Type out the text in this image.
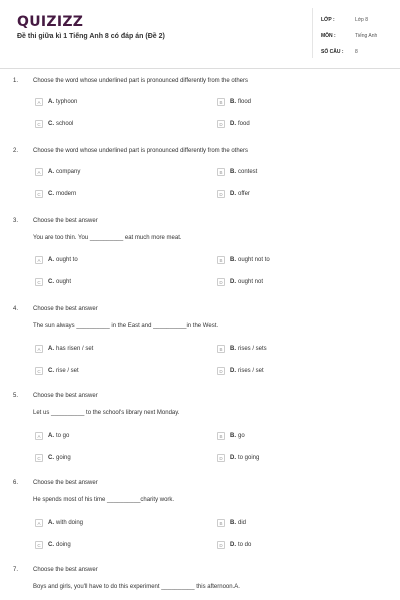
QUIZIZZ
Đề thi giữa kì 1 Tiếng Anh 8 có đáp án (Đề 2)
LỚP :	Lớp 8
MÔN :	Tiếng Anh
SỐ CÂU :	8
1. Choose the word whose underlined part is pronounced differently from the others
A	A. typhoon	B	B. flood
C	C. school	D	D. food
2. Choose the word whose underlined part is pronounced differently from the others
A	A. company	B	B. contest
C	C. modern	D	D. offer
3. Choose the best answer
You are too thin. You __________ eat much more meat.
A	A. ought to	B	B. ought not to
C	C. ought	D	D. ought not
4. Choose the best answer
The sun always __________ in the East and __________in the West.
A	A. has risen / set	B	B. rises / sets
C	C. rise / set	D	D. rises / set
5. Choose the best answer
Let us __________ to the school's library next Monday.
A	A. to go	B	B. go
C	C. going	D	D. to going
6. Choose the best answer
He spends most of his time __________charity work.
A	A. with doing	B	B. did
C	C. doing	D	D. to do
7. Choose the best answer
Boys and girls, you'll have to do this experiment __________ this afternoon.A.
